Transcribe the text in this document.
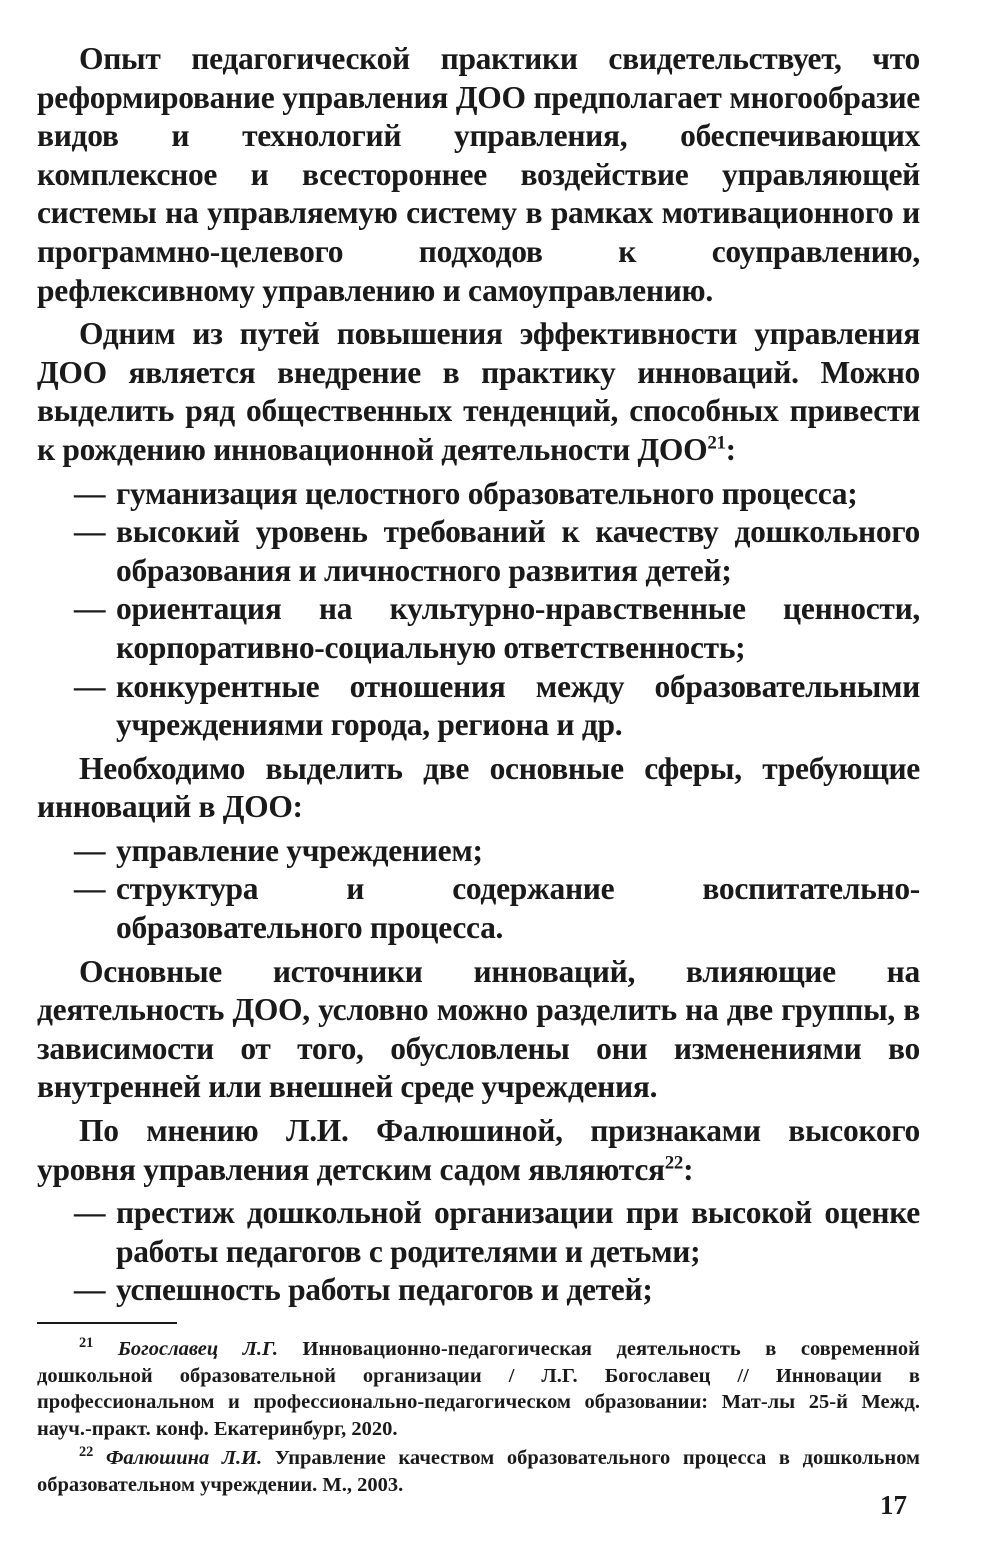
Опыт педагогической практики свидетельствует, что реформирование управления ДОО предполагает многообразие видов и технологий управления, обеспечивающих комплексное и всестороннее воздействие управляющей системы на управляемую систему в рамках мотивационного и программно-целевого подходов к соуправлению, рефлексивному управлению и самоуправлению.

Одним из путей повышения эффективности управления ДОО является внедрение в практику инноваций. Можно выделить ряд общественных тенденций, способных привести к рождению инновационной деятельности ДОО$^{21}$:

— гуманизация целостного образовательного процесса;
— высокий уровень требований к качеству дошкольного образования и личностного развития детей;
— ориентация на культурно-нравственные ценности, корпоративно-социальную ответственность;
— конкурентные отношения между образовательными учреждениями города, региона и др.

Необходимо выделить две основные сферы, требующие инноваций в ДОО:

— управление учреждением;
— структура и содержание воспитательно-образовательного процесса.

Основные источники инноваций, влияющие на деятельность ДОО, условно можно разделить на две группы, в зависимости от того, обусловлены они изменениями во внутренней или внешней среде учреждения.

По мнению Л.И. Фалюшиной, признаками высокого уровня управления детским садом являются$^{22}$:

— престиж дошкольной организации при высокой оценке работы педагогов с родителями и детьми;
— успешность работы педагогов и детей;

$^{21}$ Богославец Л.Г. Инновационно-педагогическая деятельность в современной дошкольной образовательной организации / Л.Г. Богославец // Инновации в профессиональном и профессионально-педагогическом образовании: Мат-лы 25-й Межд. науч.-практ. конф. Екатеринбург, 2020.

$^{22}$ Фалюшина Л.И. Управление качеством образовательного процесса в дошкольном образовательном учреждении. М., 2003.

17
